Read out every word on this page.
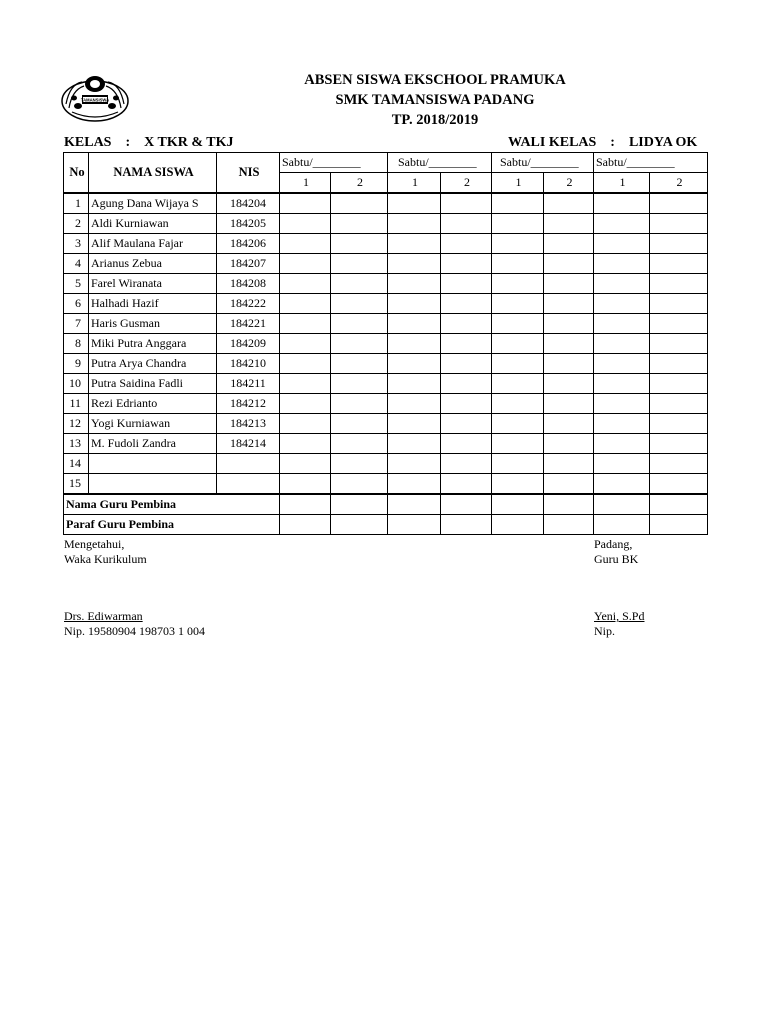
TAMANSISWA
ABSEN SISWA EKSCHOOL PRAMUKA
SMK TAMANSISWA PADANG
TP. 2018/2019
KELAS    :    X TKR & TKJ	WALI KELAS    :    LIDYA OK
No	NAMA SISWA	NIS	Sabtu/________		Sabtu/________		Sabtu/________		Sabtu/________	
			1	2	1	2	1	2	1	2
1	Agung Dana Wijaya S	184204								
2	Aldi Kurniawan	184205								
3	Alif Maulana Fajar	184206								
4	Arianus Zebua	184207								
5	Farel Wiranata	184208								
6	Halhadi Hazif	184222								
7	Haris Gusman	184221								
8	Miki Putra Anggara	184209								
9	Putra Arya Chandra	184210								
10	Putra Saidina Fadli	184211								
11	Rezi Edrianto	184212								
12	Yogi Kurniawan	184213								
13	M. Fudoli Zandra	184214								
14										
15										
Nama Guru Pembina										
Paraf Guru Pembina										
Mengetahui,
Waka Kurikulum
Drs. Ediwarman
Nip. 19580904 198703 1 004
Padang,
Guru BK
Yeni, S.Pd
Nip.
